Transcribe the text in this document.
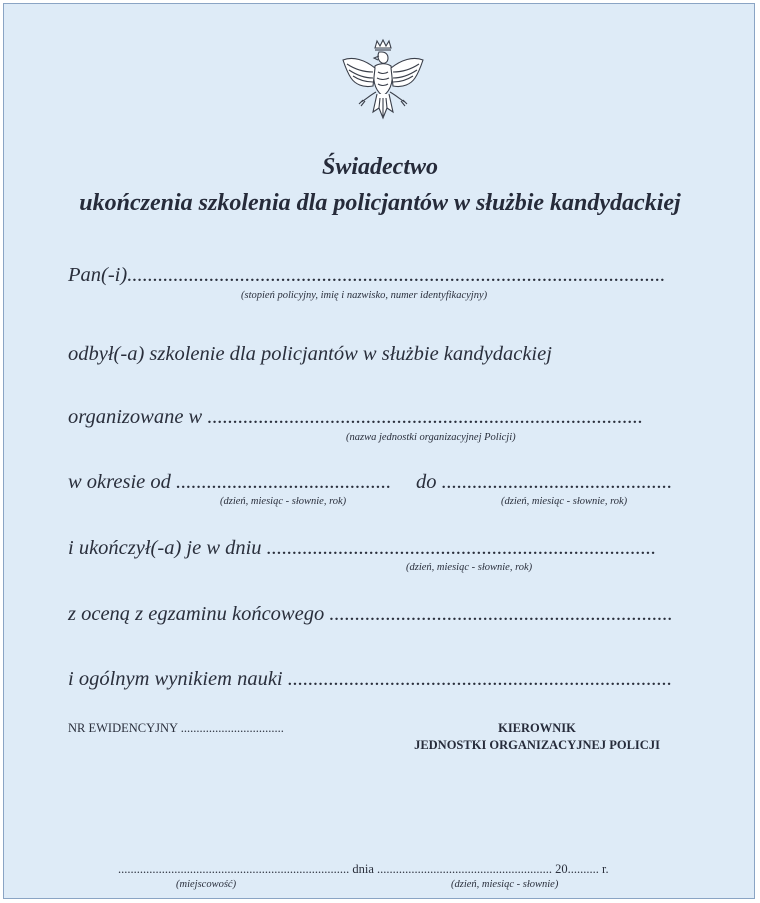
Świadectwo
ukończenia szkolenia dla policjantów w służbie kandydackiej
Pan(-i).........................................................................................................
(stopień policyjny, imię i nazwisko, numer identyfikacyjny)
odbył(-a) szkolenie dla policjantów w służbie kandydackiej
organizowane w .....................................................................................
(nazwa jednostki organizacyjnej Policji)
w okresie od .......................................... do .............................................
(dzień, miesiąc - słownie, rok)	(dzień, miesiąc - słownie, rok)
i ukończył(-a) je w dniu ............................................................................
(dzień, miesiąc - słownie, rok)
z oceną z egzaminu końcowego ...................................................................
i ogólnym wynikiem nauki ...........................................................................
NR EWIDENCYJNY .................................	KIEROWNIK
JEDNOSTKI ORGANIZACYJNEJ POLICJI
.......................................................................... dnia ........................................................ 20.......... r.
(miejscowość)	(dzień, miesiąc - słownie)
